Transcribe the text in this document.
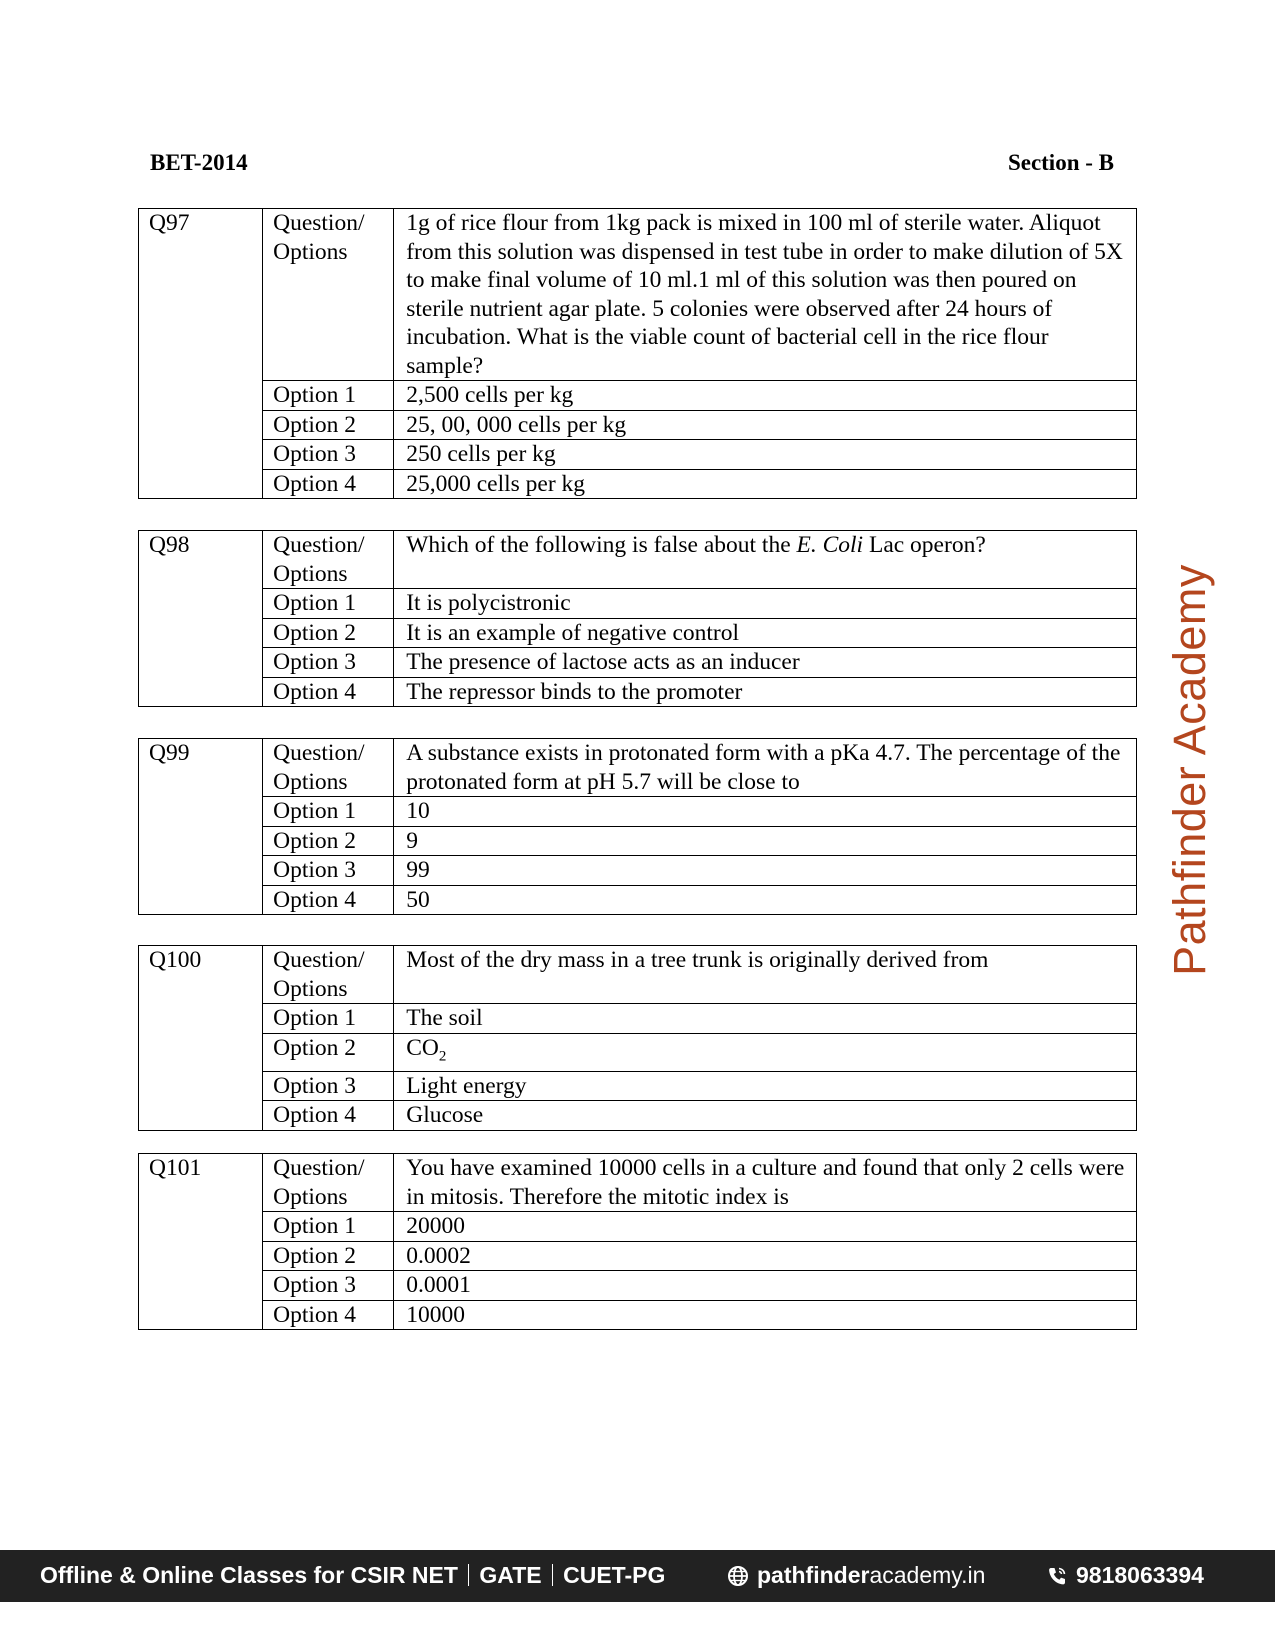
BET-2014	Section - B
Q97	Question/ Options	1g of rice flour from 1kg pack is mixed in 100 ml of sterile water. Aliquot from this solution was dispensed in test tube in order to make dilution of 5X to make final volume of 10 ml.1 ml of this solution was then poured on sterile nutrient agar plate. 5 colonies were observed after 24 hours of incubation. What is the viable count of bacterial cell in the rice flour sample?
	Option 1	2,500 cells per kg
	Option 2	25, 00, 000 cells per kg
	Option 3	250 cells per kg
	Option 4	25,000 cells per kg
Q98	Question/ Options	Which of the following is false about the E. Coli Lac operon?
	Option 1	It is polycistronic
	Option 2	It is an example of negative control
	Option 3	The presence of lactose acts as an inducer
	Option 4	The repressor binds to the promoter
Q99	Question/ Options	A substance exists in protonated form with a pKa 4.7. The percentage of the protonated form at pH 5.7 will be close to
	Option 1	10
	Option 2	9
	Option 3	99
	Option 4	50
Q100	Question/ Options	Most of the dry mass in a tree trunk is originally derived from
	Option 1	The soil
	Option 2	$CO_2$
	Option 3	Light energy
	Option 4	Glucose
Q101	Question/ Options	You have examined 10000 cells in a culture and found that only 2 cells were in mitosis. Therefore the mitotic index is
	Option 1	20000
	Option 2	0.0002
	Option 3	0.0001
	Option 4	10000
Pathfinder Academy
Offline & Online Classes for CSIR NET GATE CUET-PG	pathfinderacademy.in	9818063394
